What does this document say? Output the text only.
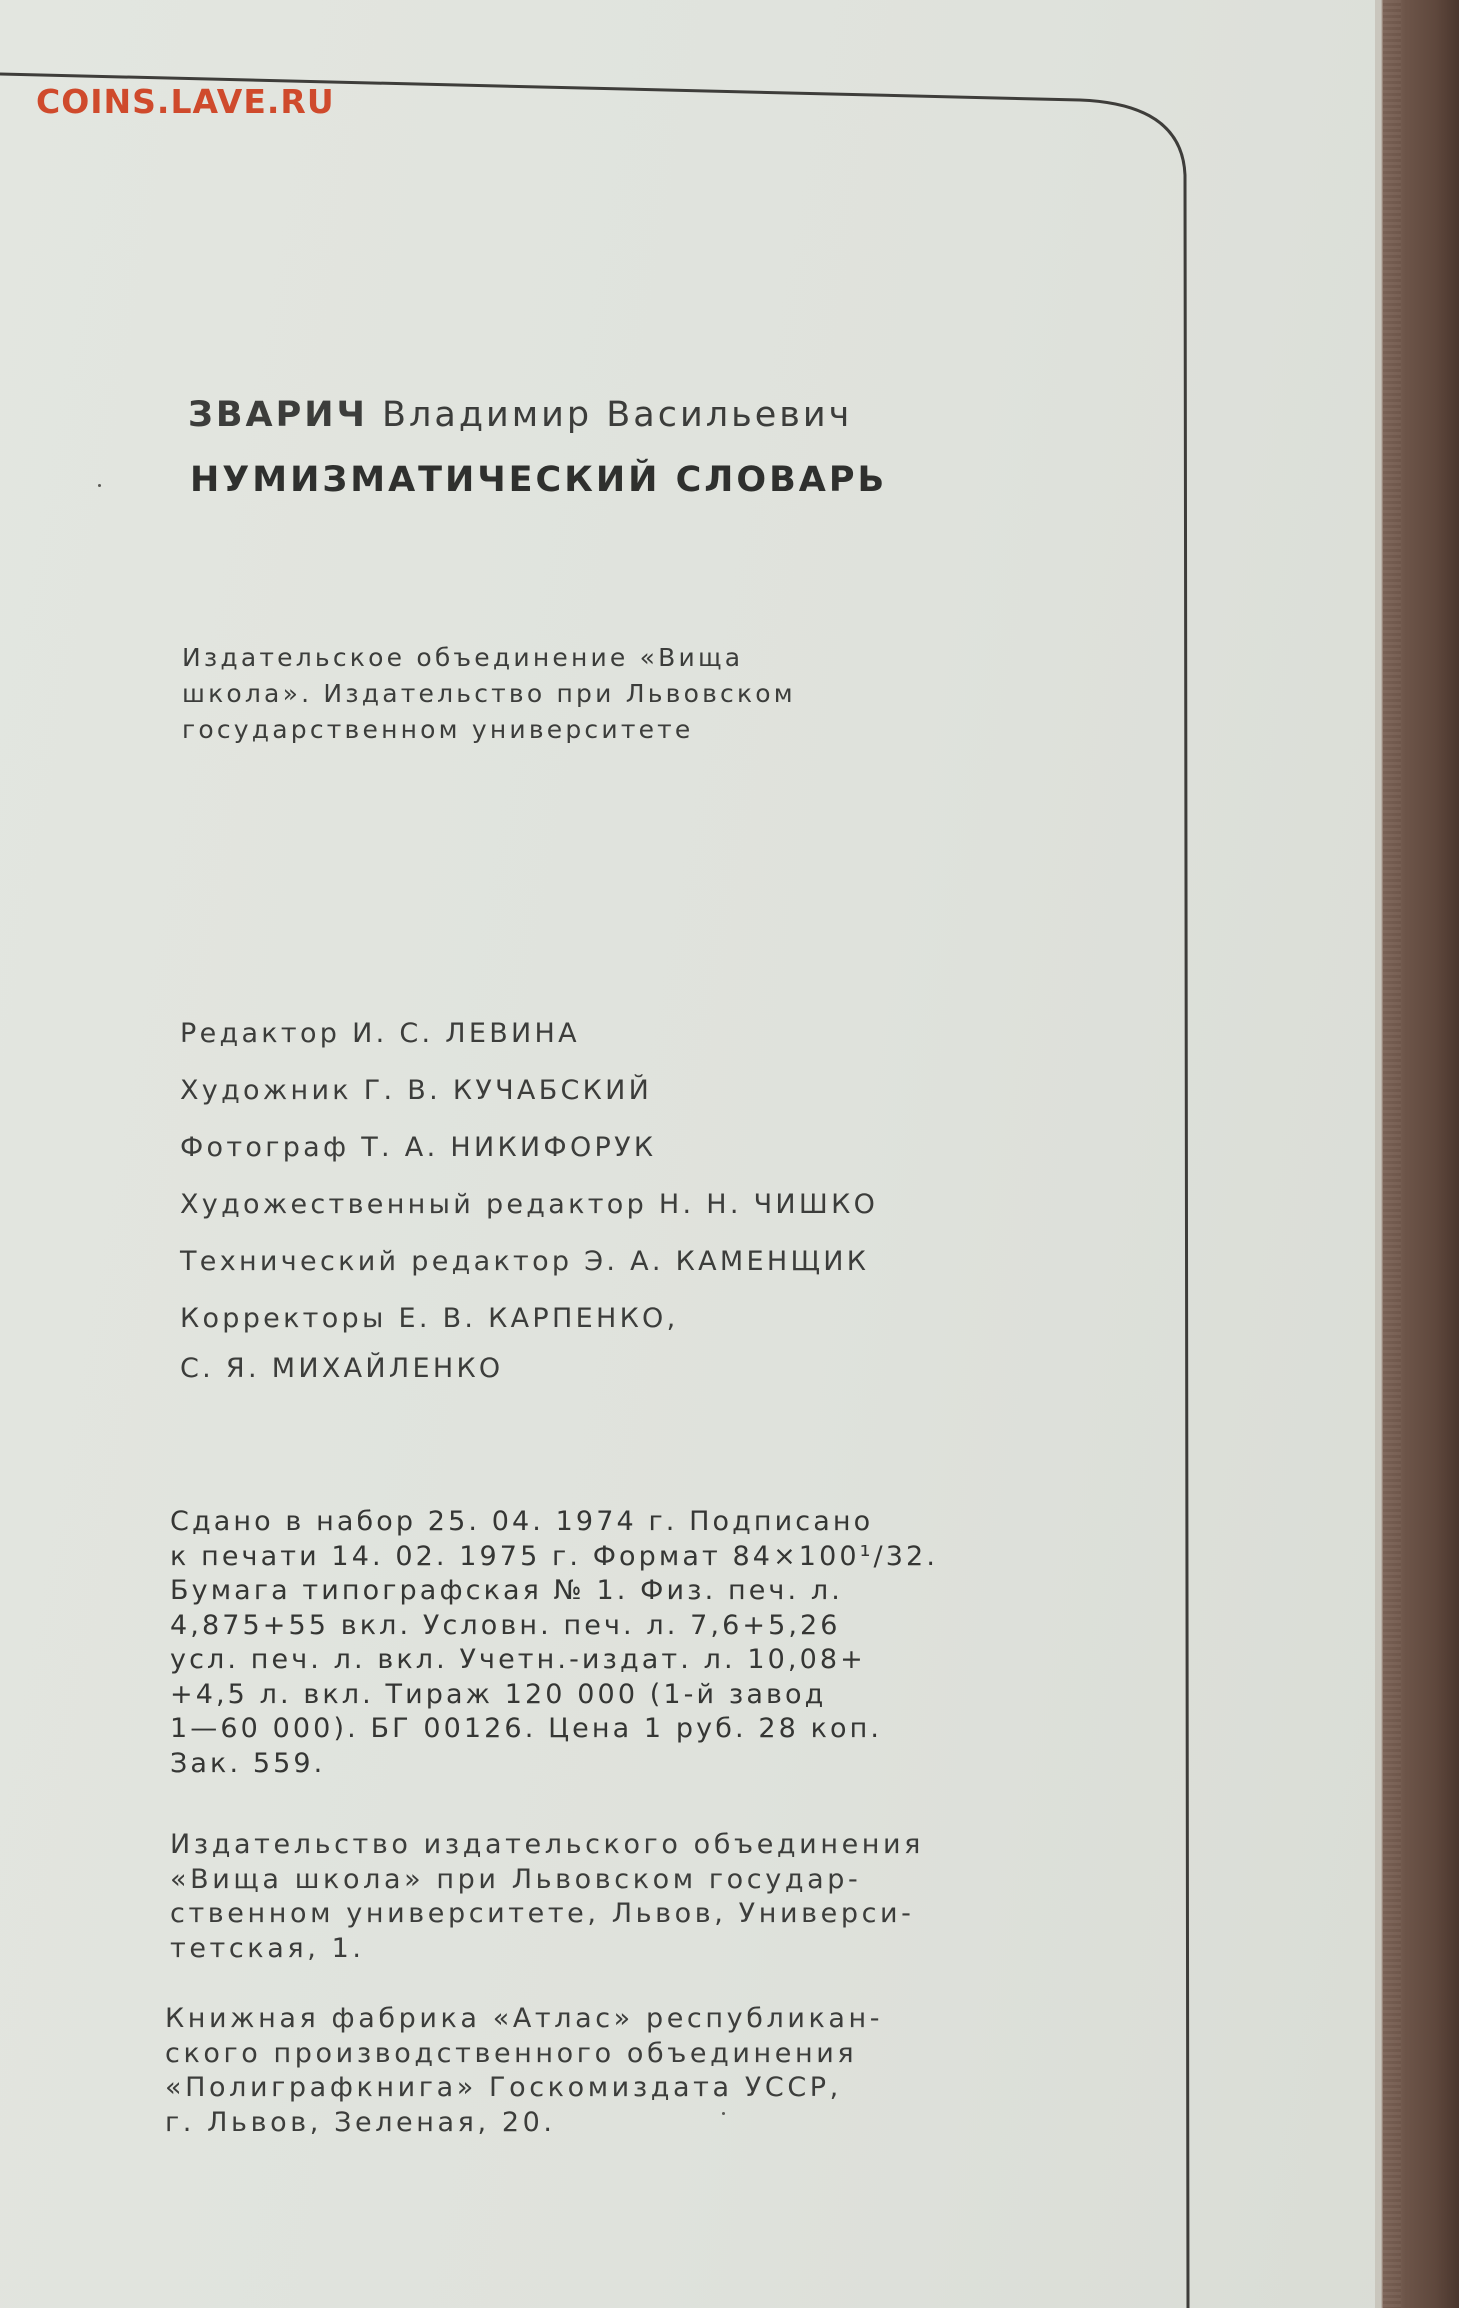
COINS.LAVE.RU
ЗВАРИЧ Владимир Васильевич
НУМИЗМАТИЧЕСКИЙ СЛОВАРЬ
Издательское объединение «Вища
школа». Издательство при Львовском
государственном университете
Редактор И. С. ЛЕВИНА
Художник Г. В. КУЧАБСКИЙ
Фотограф Т. А. НИКИФОРУК
Художественный редактор Н. Н. ЧИШКО
Технический редактор Э. А. КАМЕНЩИК
Корректоры Е. В. КАРПЕНКО,
С. Я. МИХАЙЛЕНКО
Сдано в набор 25. 04. 1974 г. Подписано
к печати 14. 02. 1975 г. Формат 84×100¹/32.
Бумага типографская № 1. Физ. печ. л.
4,875+55 вкл. Условн. печ. л. 7,6+5,26
усл. печ. л. вкл. Учетн.-издат. л. 10,08+
+4,5 л. вкл. Тираж 120 000 (1-й завод
1—60 000). БГ 00126. Цена 1 руб. 28 коп.
Зак. 559.
Издательство издательского объединения
«Вища школа» при Львовском государ-
ственном университете, Львов, Универси-
тетская, 1.
Книжная фабрика «Атлас» республикан-
ского производственного объединения
«Полиграфкнига» Госкомиздата УССР,
г. Львов, Зеленая, 20.
